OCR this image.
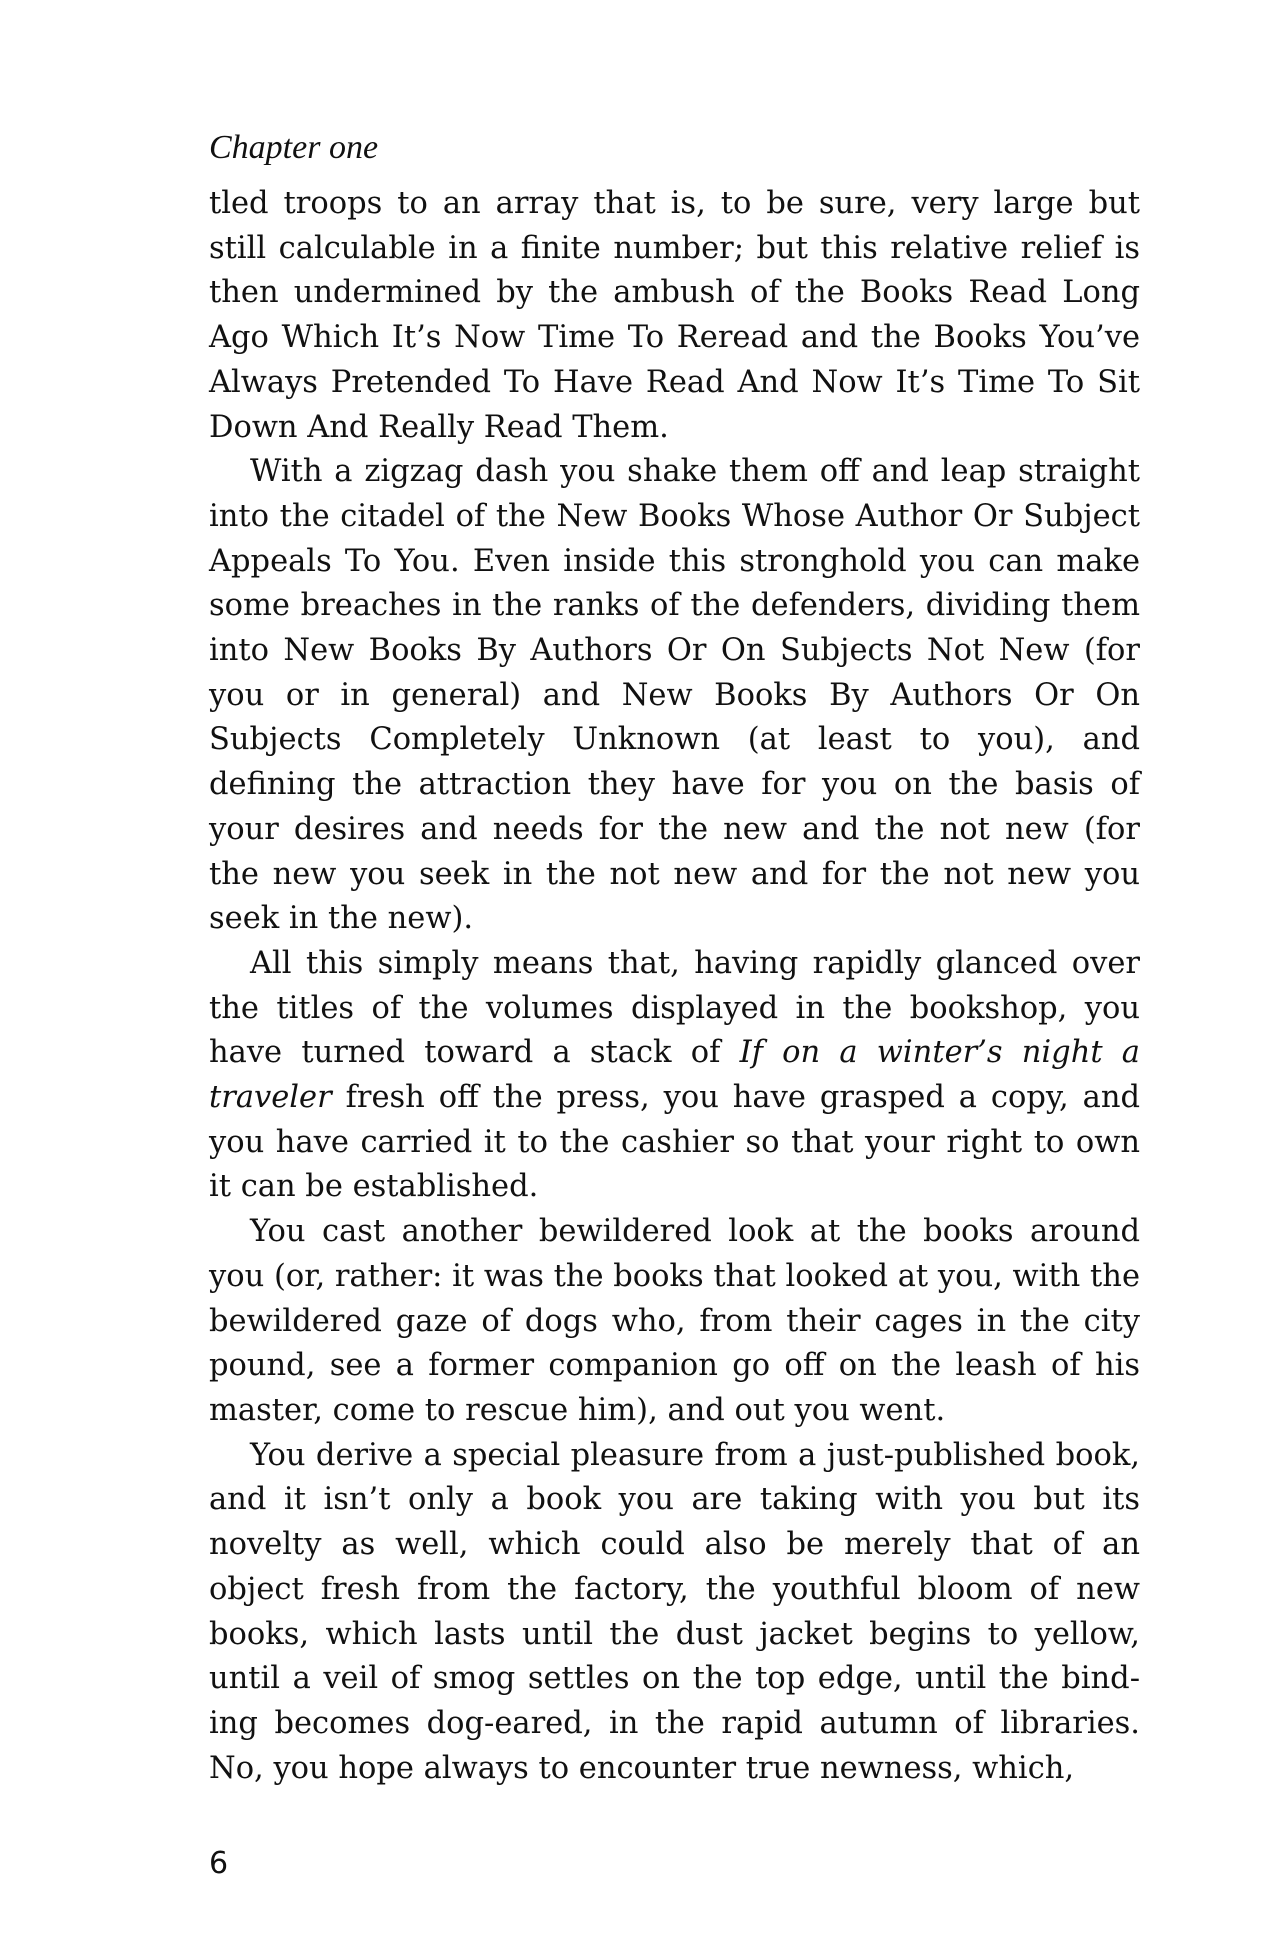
Chapter one

tled troops to an array that is, to be sure, very large but still calculable in a finite number; but this relative relief is then undermined by the ambush of the Books Read Long Ago Which It’s Now Time To Reread and the Books You’ve Always Pretended To Have Read And Now It’s Time To Sit Down And Really Read Them.

With a zigzag dash you shake them off and leap straight into the citadel of the New Books Whose Author Or Subject Appeals To You. Even inside this stronghold you can make some breaches in the ranks of the defenders, dividing them into New Books By Authors Or On Subjects Not New (for you or in general) and New Books By Authors Or On Subjects Completely Unknown (at least to you), and defining the attraction they have for you on the basis of your desires and needs for the new and the not new (for the new you seek in the not new and for the not new you seek in the new).

All this simply means that, having rapidly glanced over the titles of the volumes displayed in the bookshop, you have turned toward a stack of If on a winter’s night a traveler fresh off the press, you have grasped a copy, and you have carried it to the cashier so that your right to own it can be established.

You cast another bewildered look at the books around you (or, rather: it was the books that looked at you, with the bewildered gaze of dogs who, from their cages in the city pound, see a former companion go off on the leash of his master, come to rescue him), and out you went.

You derive a special pleasure from a just-published book, and it isn’t only a book you are taking with you but its novelty as well, which could also be merely that of an object fresh from the factory, the youthful bloom of new books, which lasts until the dust jacket begins to yellow, until a veil of smog settles on the top edge, until the binding becomes dog-eared, in the rapid autumn of libraries. No, you hope always to encounter true newness, which,

6
